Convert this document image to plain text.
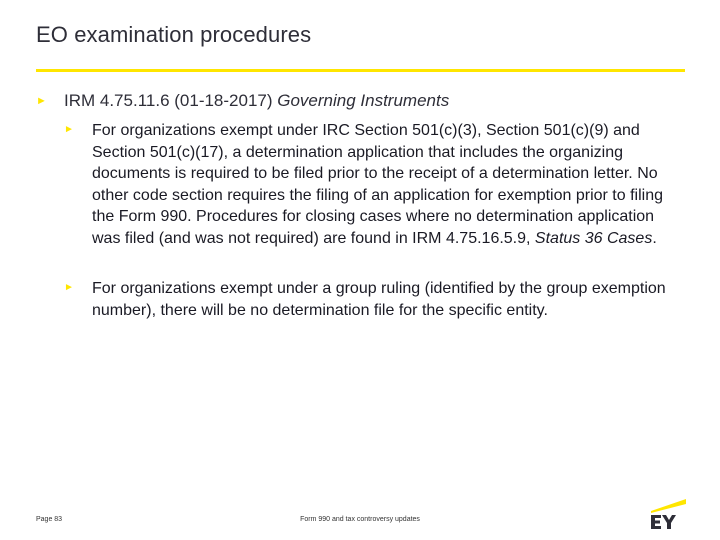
EO examination procedures
► IRM 4.75.11.6 (01-18-2017) Governing Instruments
► For organizations exempt under IRC Section 501(c)(3), Section 501(c)(9) and Section 501(c)(17), a determination application that includes the organizing documents is required to be filed prior to the receipt of a determination letter. No other code section requires the filing of an application for exemption prior to filing the Form 990. Procedures for closing cases where no determination application was filed (and was not required) are found in IRM 4.75.16.5.9, Status 36 Cases.
► For organizations exempt under a group ruling (identified by the group exemption number), there will be no determination file for the specific entity.
Page 83	Form 990 and tax controversy updates
